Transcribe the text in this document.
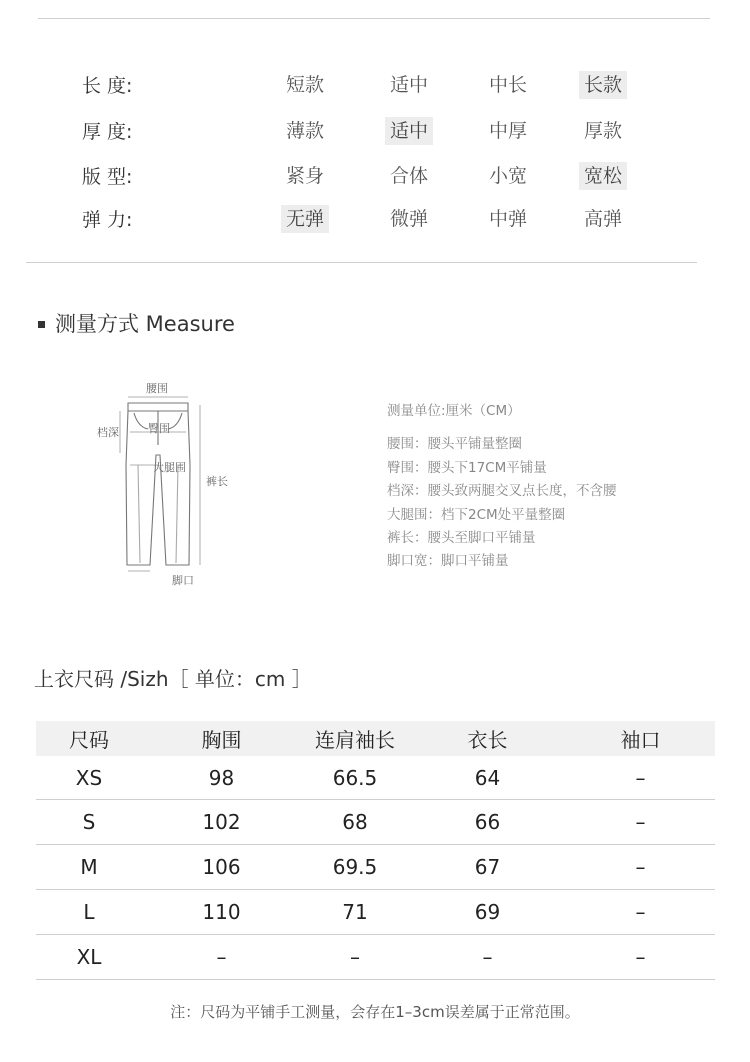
长 度:	短款	适中	中长	长款
厚 度:	薄款	适中	中厚	厚款
版 型:	紧身	合体	小宽	宽松
弹 力:	无弹	微弹	中弹	高弹
测量方式 Measure
腰围
档深	臀围
大腿围
裤长
脚口
测量单位:厘米（CM）
腰围：腰头平铺量整圈
臀围：腰头下17CM平铺量
档深：腰头致两腿交叉点长度，不含腰
大腿围：档下2CM处平量整圈
裤长：腰头至脚口平铺量
脚口宽：脚口平铺量
上衣尺码 /Sizh［ 单位：cm ］
尺码	胸围	连肩袖长	衣长	袖口
XS	98	66.5	64	–
S	102	68	66	–
M	106	69.5	67	–
L	110	71	69	–
XL	–	–	–	–
注：尺码为平铺手工测量，会存在1–3cm误差属于正常范围。
